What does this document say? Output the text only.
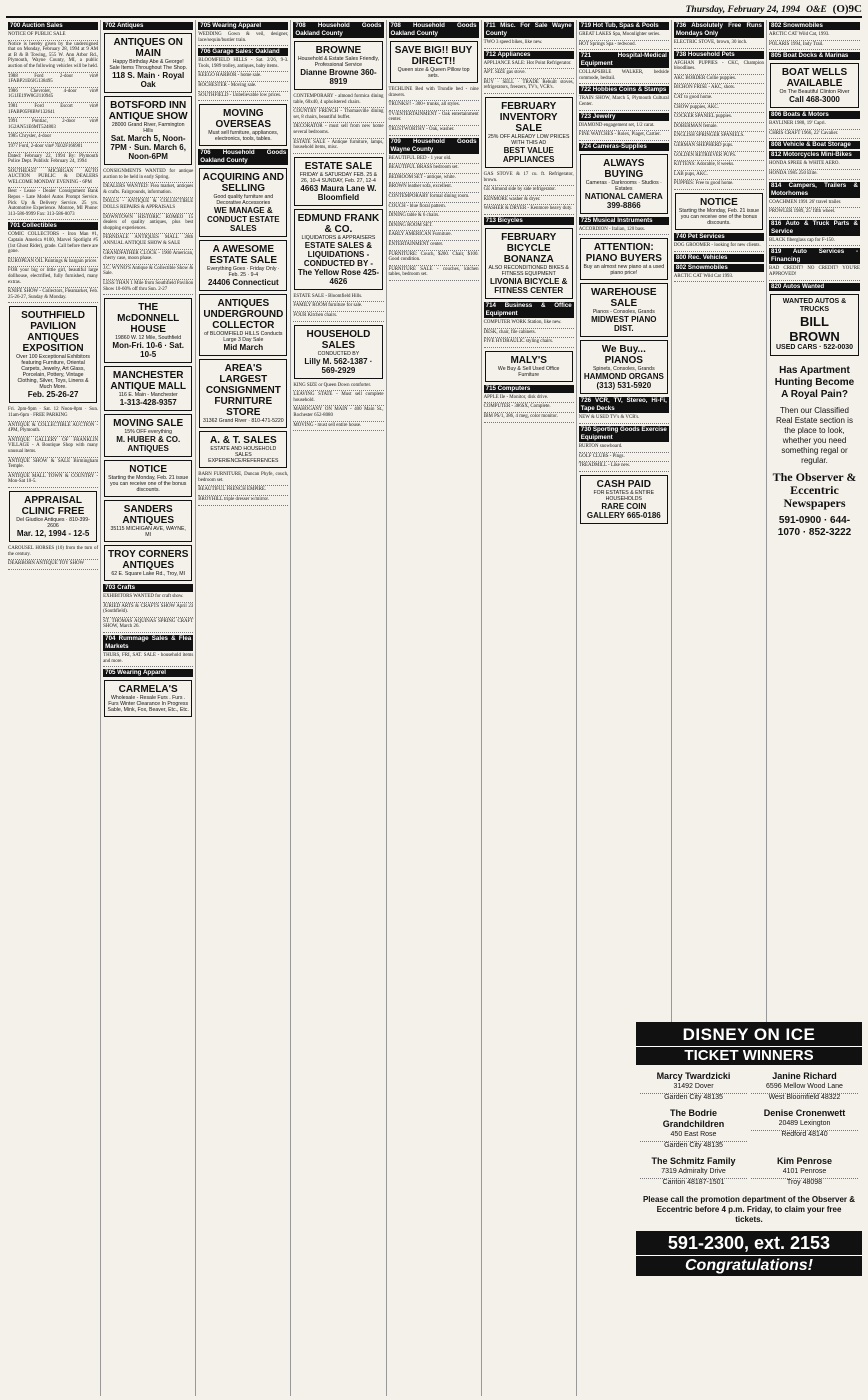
Thursday, February 24, 1994 O&E (O)9C
700 Auction Sales
NOTICE OF PUBLIC SALE
Notice is hereby given by the undersigned that on Monday, February 28, 1994 at 9 AM at B & B Towing, 555 W. Ann Arbor Rd., Plymouth, Wayne County, MI, a public auction of the following vehicles will be held.
1988 Ford 2-door vin# 1FABP21E6JG138495
1986 Chevrolet, 4-door vin# 1G1JE19W8GJ110945
1981 Ford Escort vin# 1FABP05F8BW132641
1991 Pontiac, 2-door vin# 1G2AN51E6MT524803
1985 Chrysler, 4-door
1977 Ford, 2-door vin# 7E02F166901
Dated: February 22, 1994 By: Plymouth Police Dept. Publish: February 24, 1994
SOUTHEAST MICHIGAN AUTO AUCTION PUBLIC & DEALERS WELCOME MONDAY EVENING - 6PM
Best - Lease - Dealer Consignment Bank Repos - Late Model Autos Prompt Service. Pick Up & Delivery Service. 25 yrs. Automotive Experience. Monroe, MI Phone: 313-586-9999 Fax: 313-586-0073
701 Collectibles
COMIC COLLECTORS - Iron Man #1, Captain America #100, Marvel Spotlight #5 (1st Ghost Rider), grade. Call before there are gone.
EUROPEAN OIL Paintings & bargain prices
FOR your big or little girl, beautiful large dollhouse, electrified, fully furnished, many extras.
KNIFE SHOW - Collectors, Fleamarket, Feb. 25-26-27, Sunday & Monday.
SOUTHFIELD PAVILION ANTIQUES EXPOSITION
Over 100 Exceptional Exhibitors featuring Furniture, Oriental Carpets, Jewelry, Art Glass, Porcelain, Pottery, Vintage Clothing, Silver, Toys, Linens & Much More.
Feb. 25-26-27
Fri. 2pm-9pm · Sat. 12 Noon-8pm · Sun. 11am-6pm · FREE PARKING
ANTIQUE & COLLECTIBLE AUCTION - 4PM, Plymouth.
ANTIQUE GALLERY OF FRANKLIN VILLAGE - A Boutique Shop with many unusual items.
ANTIQUE SHOW & SALE Birmingham Temple.
ANTIQUE MALL TOWN & COUNTRY - Mon-Sat 10-5.
APPRAISAL CLINIC FREE
Del Giudice Antiques · 810-399-2606
Mar. 12, 1994 - 12-5
CAROUSEL HORSES (10) from the turn of the century.
DEARBORN ANTIQUE TOY SHOW
702 Antiques
ANTIQUES ON MAIN
Happy Birthday Abe & George! Sale Items Throughout The Shop.
118 S. Main · Royal Oak
BOTSFORD INN ANTIQUE SHOW
28000 Grand River, Farmington Hills
Sat. March 5, Noon-7PM · Sun. March 6, Noon-6PM
CONSIGNMENTS WANTED for antique auction to be held in early Spring.
DEALERS WANTED: Flea market, antiques & crafts. Fairgrounds, information.
DOLLS - ANTIQUE & COLLECTIBLE DOLLS REPAIRS & APPRAISALS
DOWNTOWN HISTORIC ROMEO 15 dealers of quality antiques, plus best shopping experiences.
FERNDALE ANTIQUES MALL 28th ANNUAL ANTIQUE SHOW & SALE
GRANDFATHER CLOCK - 1900 American, cherry case, moon phase.
J.C. WYNO'S Antique & Collectible Show & Sale.
LESS THAN 1 Mile from Southfield Pavilion Show 10-60% off thru Sun. 2-27
THE McDONNELL HOUSE
19860 W. 12 Mile, Southfield
Mon-Fri. 10-6 · Sat. 10-5
MANCHESTER ANTIQUE MALL
116 E. Main - Manchester
1-313-428-9357
MOVING SALE
15% OFF everything
M. HUBER & CO. ANTIQUES
NOTICE
Starting the Monday, Feb. 21 issue you can receive one of the bonus discounts.
SANDERS ANTIQUES
35115 MICHIGAN AVE, WAYNE, MI
TROY CORNERS ANTIQUES
62 E. Square Lake Rd., Troy, MI
703 Crafts
EXHIBITORS WANTED for craft show.
JURIED ARTS & CRAFTS SHOW April 23 (Southfield).
ST. THOMAS AQUINAS SPRING CRAFT SHOW, March 26.
704 Rummage Sales & Flea Markets
THURS, FRI, SAT. SALE - household items and more.
705 Wearing Apparel
CARMELA'S
Wholesale - Resale Furs . Furs . Furs Winter Clearance In Progress Sable, Mink, Fox, Beaver, Etc., Etc.
705 Wearing Apparel
WEDDING Gown & veil, designer, lace/sequin/bustier train.
706 Garage Sales: Oakland
BLOOMFIELD HILLS - Sat. 2/26, 9-3. Tools, 1989 trolley, antiques, baby items.
KEEGO HARBOR - home sale.
ROCHESTER - Moving sale.
SOUTHFIELD - Unbelievable low prices.
MOVING OVERSEAS
Must sell furniture, appliances, electronics, tools, tables.
706 Household Goods Oakland County
ACQUIRING AND SELLING
Good quality furniture and Decorative Accessories
WE MANAGE & CONDUCT ESTATE SALES
A AWESOME ESTATE SALE
Everything Goes · Friday Only · Feb. 25 · 9-4
24406 Connecticut
ANTIQUES UNDERGROUND COLLECTOR
of BLOOMFIELD HILLS Conducts Large 3 Day Sale
Mid March
AREA'S LARGEST CONSIGNMENT FURNITURE STORE
31362 Grand River · 810-471-5220
A. & T. SALES
ESTATE AND HOUSEHOLD SALES EXPERIENCE/REFERENCES
BARN FURNITURE, Duncan Phyfe, couch, bedroom set.
BEAUTIFUL FRENCH EMPIRE.
BROYHILL triple dresser w/mirror.
708 Household Goods Oakland County
BROWNE
Household & Estate Sales Friendly, Professional Service
Dianne Browne 360-8919
CONTEMPORARY - almond formica dining table, 60x40, 4 upholstered chairs.
COUNTRY FRENCH - Thomasville dining set, 8 chairs, beautiful buffet.
DECORATOR - must sell from new home several bedrooms.
ESTATE SALE - Antique furniture, lamps, household items, misc.
ESTATE SALE
FRIDAY & SATURDAY FEB. 25 & 26, 10-4 SUNDAY, Feb. 27, 12-4
4663 Maura Lane W. Bloomfield
EDMUND FRANK & CO.
LIQUIDATORS & APPRAISERS
ESTATE SALES & LIQUIDATIONS - CONDUCTED BY - The Yellow Rose 425-4626
ESTATE SALE - Bloomfield Hills.
FAMILY ROOM furniture for sale.
FOUR Kitchen chairs.
HOUSEHOLD SALES
CONDUCTED BY
Lilly M. 562-1387 · 569-2929
KING SIZE or Queen Down comforter.
LEAVING STATE - Must sell complete household.
MAHOGANY ON MAIN - 400 Main St., Rochester 652-8080
MOVING - must sell entire house.
708 Household Goods Oakland County
SAVE BIG!! BUY DIRECT!!
Queen size & Queen Pillow top sets.
TECHLINE Bed with Trundle bed - nine drawers.
TRUNKS!! - 300+ trunks, all styles.
TV/ENTERTAINMENT - Oak entertainment center.
TRUSTWORTHY - Oak, washer.
709 Household Goods Wayne County
BEAUTIFUL BED - 1 year old.
BEAUTIFUL BRASS bedroom set.
BEDROOM SET - antique, white.
BROWN leather sofa, excellent.
CONTEMPORARY formal dining room.
COUCH - blue floral pattern.
DINING table & 6 chairs.
DINING ROOM SET.
EARLY AMERICAN Furniture.
ENTERTAINMENT center.
FURNITURE: Couch, $200. Chair, $100. Good condition.
FURNITURE SALE - couches, kitchen tables, bedroom set.
711 Misc. For Sale Wayne County
TWO 3 speed bikes, like new.
712 Appliances
APPLIANCE SALE: Hot Point Refrigerator.
APT. SIZE gas stove.
BUY · SELL · TRADE Rebuilt stoves, refrigerators, freezers, TV's, VCR's.
FEBRUARY INVENTORY SALE
25% OFF ALREADY LOW PRICES WITH THIS AD
BEST VALUE APPLIANCES
GAS STOVE & 17 cu. ft. Refrigerator, brown.
GE Almond side by side refrigerator.
KENMORE washer & dryer.
WASHER & DRYER - Kenmore heavy duty.
713 Bicycles
FEBRUARY BICYCLE BONANZA
ALSO RECONDITIONED BIKES & FITNESS EQUIPMENT
LIVONIA BICYCLE & FITNESS CENTER
714 Business & Office Equipment
COMPUTER WORK Station, like new.
DESK, chair, file cabinets.
FIVE HYDRAULIC styling chairs.
MALY'S
We Buy & Sell Used Office Furniture
715 Computers
APPLE IIe - Monitor, disk drive.
COMPUTER - 386SX, Complete.
IBM PS/1, 386, 4 meg, color monitor.
719 Hot Tub, Spas & Pools
GREAT LAKES Spa, Moonlighter series.
HOT Springs Spa - redwood.
721 Hospital-Medical Equipment
COLLAPSIBLE WALKER, bedside commode, bedrail.
722 Hobbies Coins & Stamps
TRAIN SHOW, March 5, Plymouth Cultural Center.
723 Jewelry
DIAMOND engagement set, 1/2 carat.
FINE WATCHES - Rolex, Piaget, Cartier.
724 Cameras-Supplies
ALWAYS BUYING
Cameras · Darkrooms · Studios · Estates
NATIONAL CAMERA 399-8866
725 Musical Instruments
ACCORDION - Italian, 120 bass.
ATTENTION: PIANO BUYERS
Buy an almost new piano at a used piano price!
WAREHOUSE SALE
Pianos - Consoles, Grands
MIDWEST PIANO DIST.
We Buy... PIANOS
Spinets, Consoles, Grands
HAMMOND ORGANS (313) 531-5920
726 VCR, TV, Stereo, Hi-Fi, Tape Decks
NEW & USED TV's & VCR's.
730 Sporting Goods Exercise Equipment
BURTON snowboard.
GOLF CLUBS - Pings.
TREADMILL - Like new.
CASH PAID
FOR ESTATES & ENTIRE HOUSEHOLDS
RARE COIN GALLERY 665-0186
736 Absolutely Free Runs Mondays Only
ELECTRIC STOVE, brown, 30 inch.
738 Household Pets
AFGHAN PUPPIES - CKC, Champion bloodlines.
AKC BORDER Collie puppies.
BICHON FRISE - AKC, shots.
CAT to good home.
CHOW puppies, AKC.
COCKER SPANIEL puppies.
DOBERMAN female.
ENGLISH SPRINGER SPANIELS.
GERMAN SHEPHERD pups.
GOLDEN RETRIEVER PUPS.
KITTENS: Adorable, 8 weeks.
LAB pups, AKC.
PUPPIES: Free to good home.
NOTICE
Starting the Monday, Feb. 21 issue you can receive one of the bonus discounts.
740 Pet Services
DOG GROOMER - looking for new clients.
800 Rec. Vehicles
802 Snowmobiles
ARCTIC CAT Wild Cat 1993.
802 Snowmobiles
ARCTIC CAT Wild Cat, 1993.
POLARIS 1994, Indy Trail.
805 Boat Docks & Marinas
BOAT WELLS AVAILABLE
On The Beautiful Clinton River
Call 468-3000
806 Boats & Motors
BAYLINER 1988, 19' Capri.
CHRIS CRAFT 1966, 22' Cavalier.
808 Vehicle & Boat Storage
812 Motorcycles Mini-Bikes
HONDA SPREE & WHITE AERO.
HONDA 1985 250 Elite.
814 Campers, Trailers & Motorhomes
COACHMEN 1991 26' travel trailer.
PROWLER 1989, 25' fifth wheel.
816 Auto & Truck Parts & Service
BLACK fiberglass cap for F-150.
819 Auto Services - Financing
BAD CREDIT? NO CREDIT? YOU'RE APPROVED!
820 Autos Wanted
WANTED AUTOS & TRUCKS
BILL BROWN
USED CARS · 522-0030
Has Apartment Hunting Become A Royal Pain?
Then our Classified Real Estate section is the place to look, whether you need something regal or regular.
The Observer & Eccentric Newspapers
591-0900 · 644-1070 · 852-3222
DISNEY ON ICE
TICKET WINNERS
Marcy Twardzicki
31492 Dover
Garden City 48135
Janine Richard
6596 Mellow Wood Lane
West Bloomfield 48322
The Bodrie Grandchildren
450 East Rose
Garden City 48135
Denise Cronenwett
20489 Lexington
Redford 48140
The Schmitz Family
7319 Admiralty Drive
Canton 48187-1501
Kim Penrose
4101 Penrose
Troy 48098
Please call the promotion department of the Observer & Eccentric before 4 p.m. Friday, to claim your free tickets.
591-2300, ext. 2153
Congratulations!
